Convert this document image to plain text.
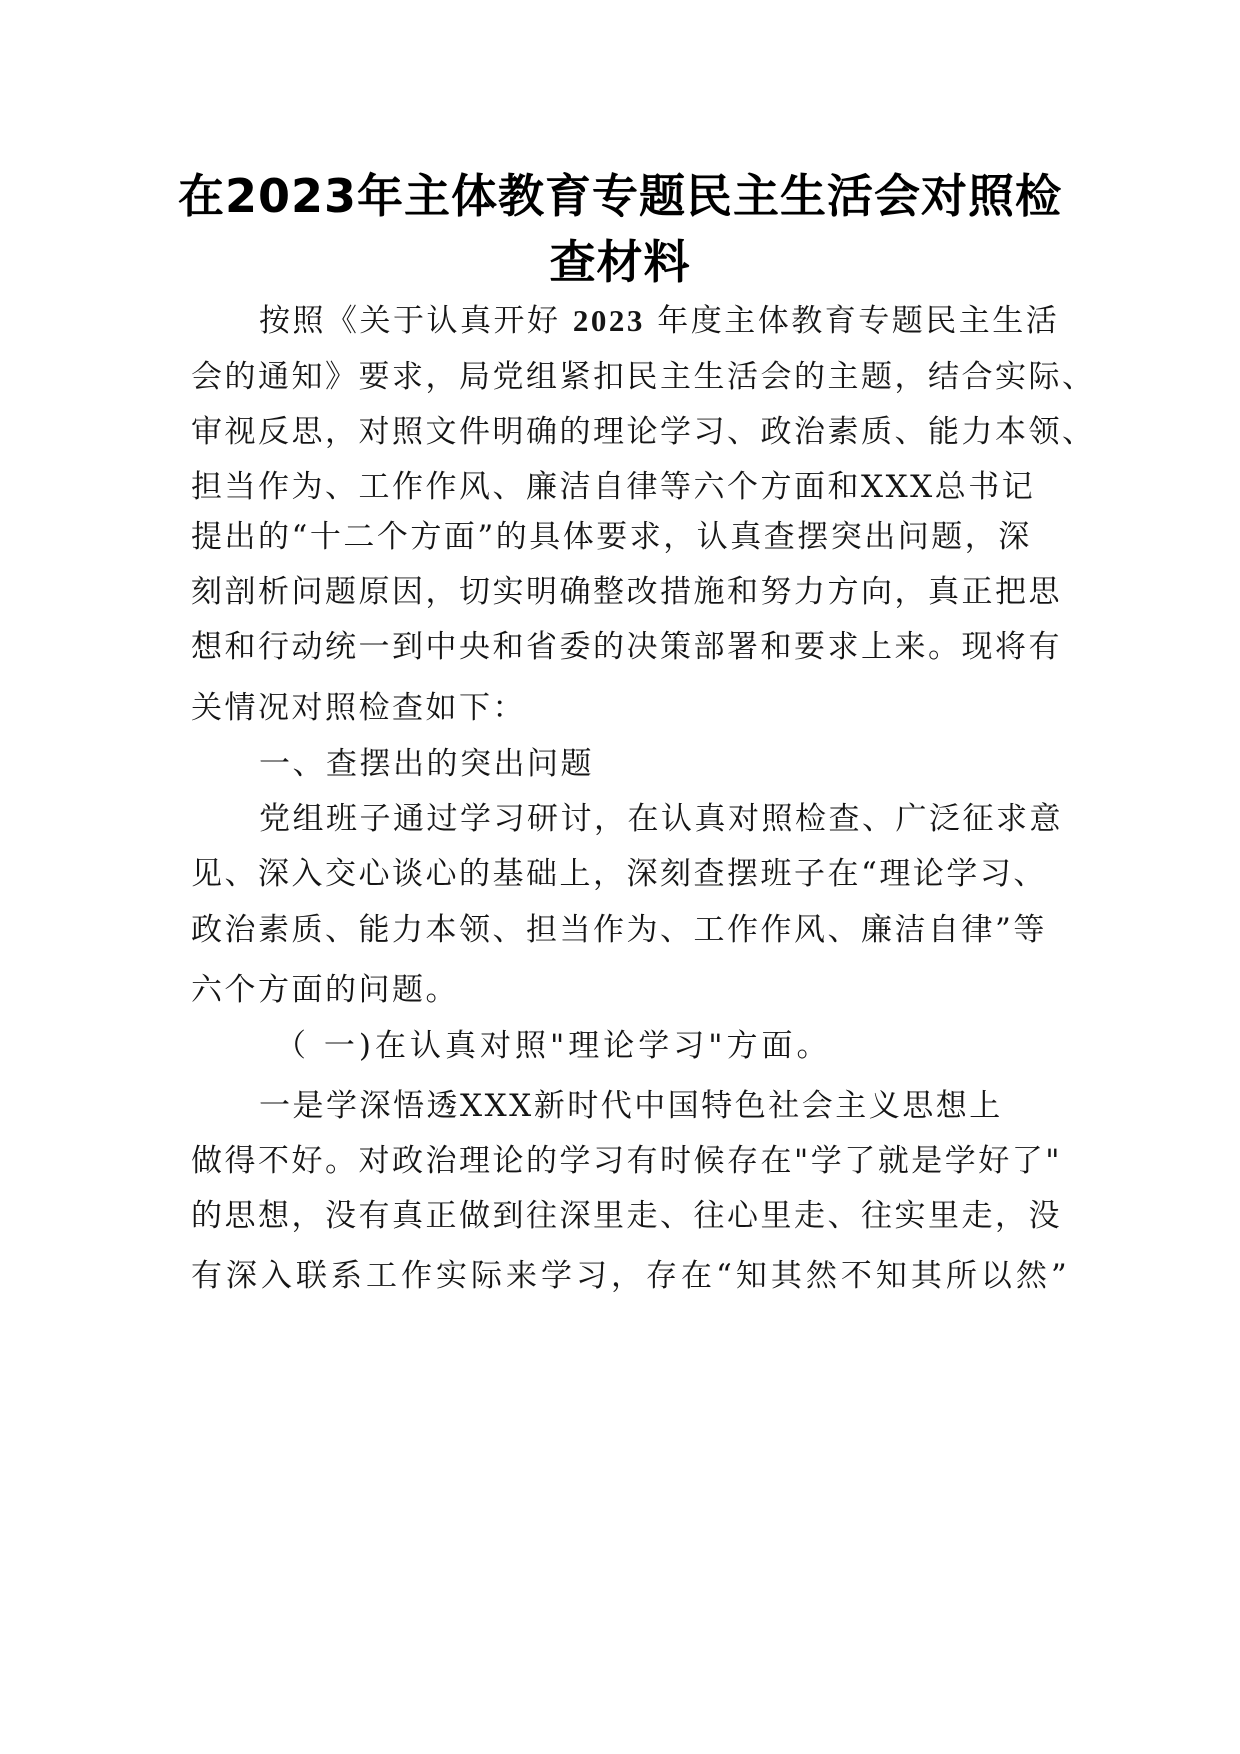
在2023年主体教育专题民主生活会对照检
查材料
按照《关于认真开好 2023 年度主体教育专题民主生活
会的通知》要求，局党组紧扣民主生活会的主题，结合实际、
审视反思，对照文件明确的理论学习、政治素质、能力本领、
担当作为、工作作风、廉洁自律等六个方面和XXX总书记
提出的“十二个方面”的具体要求，认真查摆突出问题，深
刻剖析问题原因，切实明确整改措施和努力方向，真正把思
想和行动统一到中央和省委的决策部署和要求上来。现将有
关情况对照检查如下：
一、查摆出的突出问题
党组班子通过学习研讨，在认真对照检查、广泛征求意
见、深入交心谈心的基础上，深刻查摆班子在“理论学习、
政治素质、能力本领、担当作为、工作作风、廉洁自律”等
六个方面的问题。
（ 一)在认真对照"理论学习"方面。
一是学深悟透XXX新时代中国特色社会主义思想上
做得不好。对政治理论的学习有时候存在"学了就是学好了"
的思想，没有真正做到往深里走、往心里走、往实里走，没
有深入联系工作实际来学习，存在“知其然不知其所以然”
